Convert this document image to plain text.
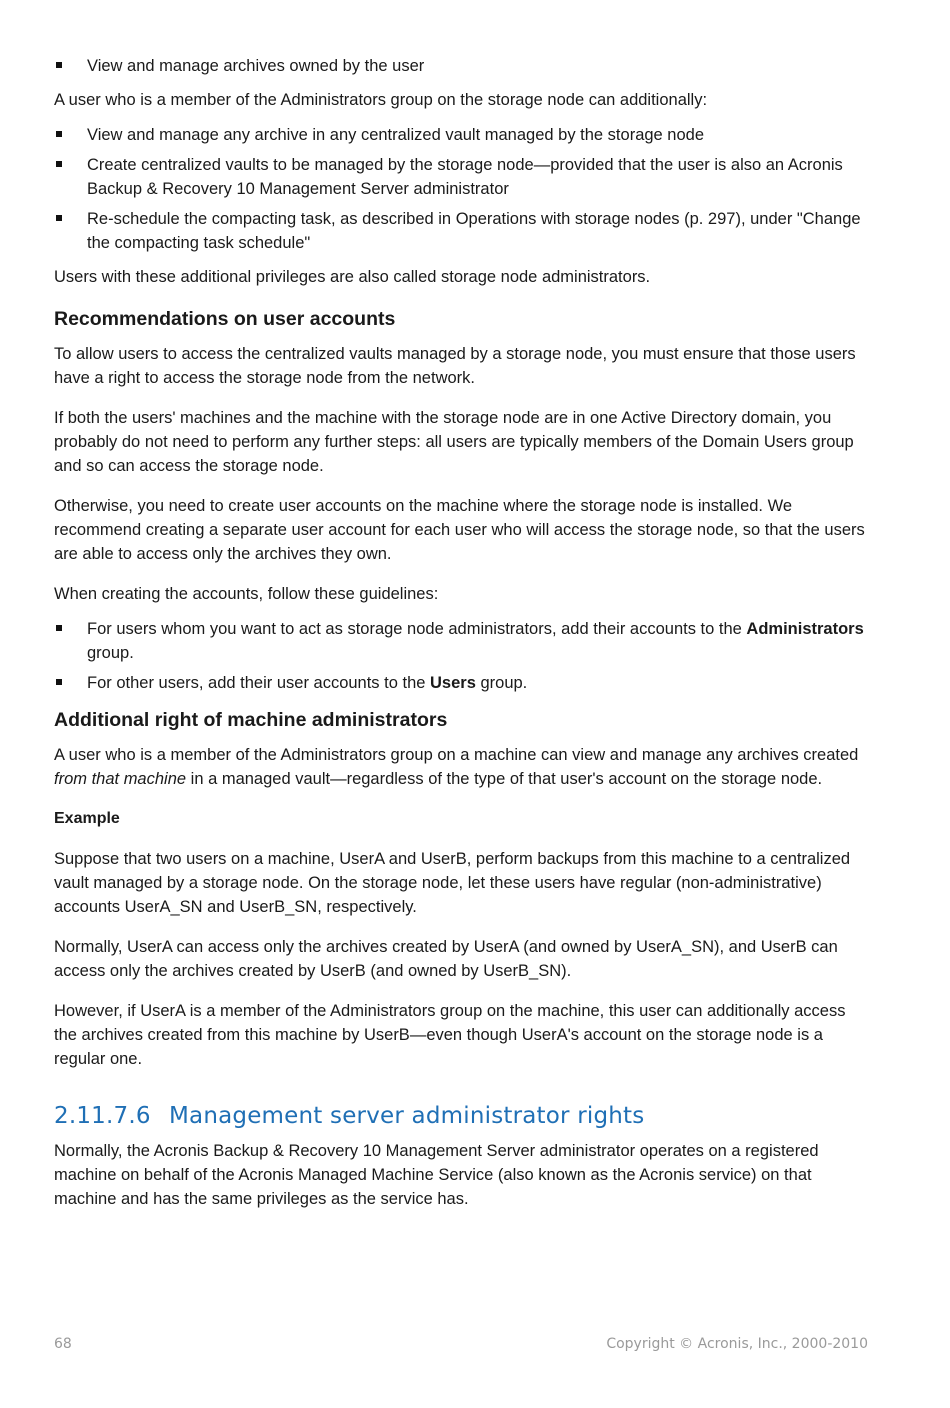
View and manage archives owned by the user

A user who is a member of the Administrators group on the storage node can additionally:

View and manage any archive in any centralized vault managed by the storage node
Create centralized vaults to be managed by the storage node—provided that the user is also an Acronis Backup & Recovery 10 Management Server administrator
Re-schedule the compacting task, as described in Operations with storage nodes (p. 297), under "Change the compacting task schedule"

Users with these additional privileges are also called storage node administrators.

Recommendations on user accounts

To allow users to access the centralized vaults managed by a storage node, you must ensure that those users have a right to access the storage node from the network.

If both the users' machines and the machine with the storage node are in one Active Directory domain, you probably do not need to perform any further steps: all users are typically members of the Domain Users group and so can access the storage node.

Otherwise, you need to create user accounts on the machine where the storage node is installed. We recommend creating a separate user account for each user who will access the storage node, so that the users are able to access only the archives they own.

When creating the accounts, follow these guidelines:

For users whom you want to act as storage node administrators, add their accounts to the Administrators group.
For other users, add their user accounts to the Users group.
Additional right of machine administrators

A user who is a member of the Administrators group on a machine can view and manage any archives created from that machine in a managed vault—regardless of the type of that user's account on the storage node.

Example

Suppose that two users on a machine, UserA and UserB, perform backups from this machine to a centralized vault managed by a storage node. On the storage node, let these users have regular (non-administrative) accounts UserA_SN and UserB_SN, respectively.

Normally, UserA can access only the archives created by UserA (and owned by UserA_SN), and UserB can access only the archives created by UserB (and owned by UserB_SN).

However, if UserA is a member of the Administrators group on the machine, this user can additionally access the archives created from this machine by UserB—even though UserA's account on the storage node is a regular one.

2.11.7.6 Management server administrator rights

Normally, the Acronis Backup & Recovery 10 Management Server administrator operates on a registered machine on behalf of the Acronis Managed Machine Service (also known as the Acronis service) on that machine and has the same privileges as the service has.

68	Copyright © Acronis, Inc., 2000-2010
